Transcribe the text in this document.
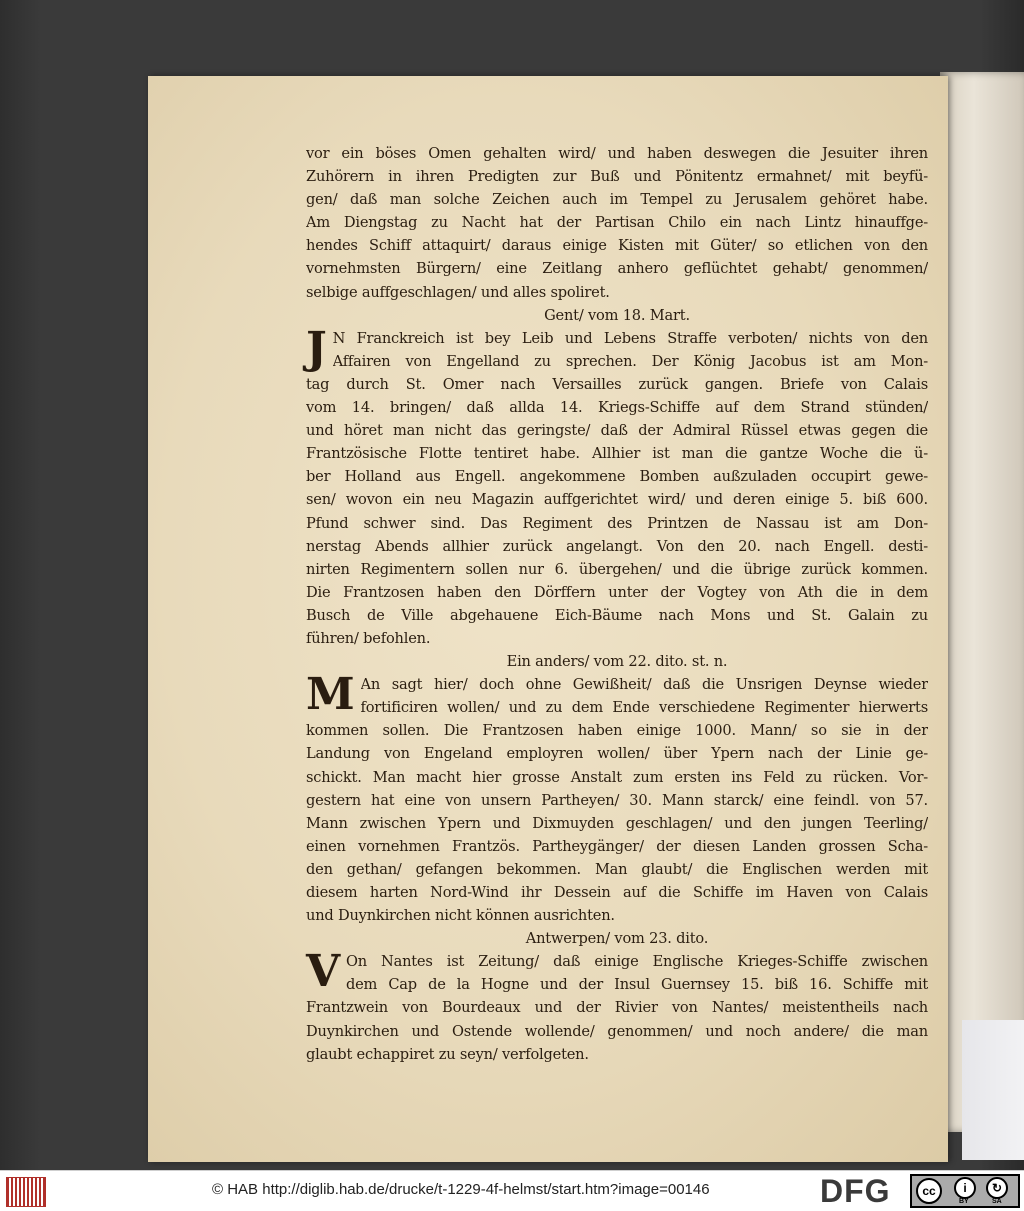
vor ein böses Omen gehalten wird/ und haben deswegen die Jesuiter ihren
Zuhörern in ihren Predigten zur Buß und Pönitentz ermahnet/ mit beyfü-
gen/ daß man solche Zeichen auch im Tempel zu Jerusalem gehöret habe.
Am Diengstag zu Nacht hat der Partisan Chilo ein nach Lintz hinauffge-
hendes Schiff attaquirt/ daraus einige Kisten mit Güter/ so etlichen von den
vornehmsten Bürgern/ eine Zeitlang anhero geflüchtet gehabt/ genommen/
selbige auffgeschlagen/ und alles spoliret.
Gent/ vom 18. Mart.
J N Franckreich ist bey Leib und Lebens Straffe verboten/ nichts von den
Affairen von Engelland zu sprechen. Der König Jacobus ist am Mon-
tag durch St. Omer nach Versailles zurück gangen. Briefe von Calais
vom 14. bringen/ daß allda 14. Kriegs-Schiffe auf dem Strand stünden/
und höret man nicht das geringste/ daß der Admiral Rüssel etwas gegen die
Frantzösische Flotte tentiret habe. Allhier ist man die gantze Woche die ü-
ber Holland aus Engell. angekommene Bomben außzuladen occupirt gewe-
sen/ wovon ein neu Magazin auffgerichtet wird/ und deren einige 5. biß 600.
Pfund schwer sind. Das Regiment des Printzen de Nassau ist am Don-
nerstag Abends allhier zurück angelangt. Von den 20. nach Engell. desti-
nirten Regimentern sollen nur 6. übergehen/ und die übrige zurück kommen.
Die Frantzosen haben den Dörffern unter der Vogtey von Ath die in dem
Busch de Ville abgehauene Eich-Bäume nach Mons und St. Galain zu
führen/ befohlen.
Ein anders/ vom 22. dito. st. n.
M An sagt hier/ doch ohne Gewißheit/ daß die Unsrigen Deynse wieder
fortificiren wollen/ und zu dem Ende verschiedene Regimenter hierwerts
kommen sollen. Die Frantzosen haben einige 1000. Mann/ so sie in der
Landung von Engeland employren wollen/ über Ypern nach der Linie ge-
schickt. Man macht hier grosse Anstalt zum ersten ins Feld zu rücken. Vor-
gestern hat eine von unsern Partheyen/ 30. Mann starck/ eine feindl. von 57.
Mann zwischen Ypern und Dixmuyden geschlagen/ und den jungen Teerling/
einen vornehmen Frantzös. Partheygänger/ der diesen Landen grossen Scha-
den gethan/ gefangen bekommen. Man glaubt/ die Englischen werden mit
diesem harten Nord-Wind ihr Dessein auf die Schiffe im Haven von Calais
und Duynkirchen nicht können ausrichten.
Antwerpen/ vom 23. dito.
V On Nantes ist Zeitung/ daß einige Englische Krieges-Schiffe zwischen
dem Cap de la Hogne und der Insul Guernsey 15. biß 16. Schiffe mit
Frantzwein von Bourdeaux und der Rivier von Nantes/ meistentheils nach
Duynkirchen und Ostende wollende/ genommen/ und noch andere/ die man
glaubt echappiret zu seyn/ verfolgeten.
© HAB http://diglib.hab.de/drucke/t-1229-4f-helmst/start.htm?image=00146	DFG	cc	i
BY
↻
SA
